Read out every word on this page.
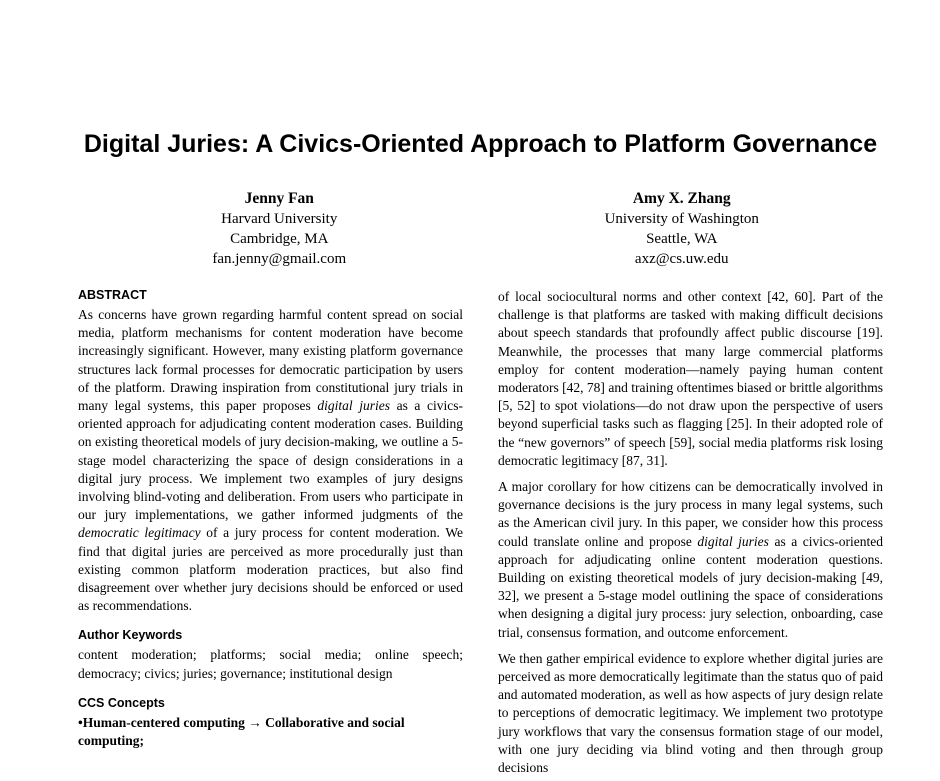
Digital Juries: A Civics-Oriented Approach to Platform Governance
Jenny Fan
Harvard University
Cambridge, MA
fan.jenny@gmail.com
Amy X. Zhang
University of Washington
Seattle, WA
axz@cs.uw.edu
ABSTRACT

As concerns have grown regarding harmful content spread on social media, platform mechanisms for content moderation have become increasingly significant. However, many existing platform governance structures lack formal processes for democratic participation by users of the platform. Drawing inspiration from constitutional jury trials in many legal systems, this paper proposes digital juries as a civics-oriented approach for adjudicating content moderation cases. Building on existing theoretical models of jury decision-making, we outline a 5-stage model characterizing the space of design considerations in a digital jury process. We implement two examples of jury designs involving blind-voting and deliberation. From users who participate in our jury implementations, we gather informed judgments of the democratic legitimacy of a jury process for content moderation. We find that digital juries are perceived as more procedurally just than existing common platform moderation practices, but also find disagreement over whether jury decisions should be enforced or used as recommendations.

Author Keywords

content moderation; platforms; social media; online speech; democracy; civics; juries; governance; institutional design

CCS Concepts

•Human-centered computing → Collaborative and social computing;

of local sociocultural norms and other context [42, 60]. Part of the challenge is that platforms are tasked with making difficult decisions about speech standards that profoundly affect public discourse [19]. Meanwhile, the processes that many large commercial platforms employ for content moderation—namely paying human content moderators [42, 78] and training oftentimes biased or brittle algorithms [5, 52] to spot violations—do not draw upon the perspective of users beyond superficial tasks such as flagging [25]. In their adopted role of the “new governors” of speech [59], social media platforms risk losing democratic legitimacy [87, 31].

A major corollary for how citizens can be democratically involved in governance decisions is the jury process in many legal systems, such as the American civil jury. In this paper, we consider how this process could translate online and propose digital juries as a civics-oriented approach for adjudicating online content moderation questions. Building on existing theoretical models of jury decision-making [49, 32], we present a 5-stage model outlining the space of considerations when designing a digital jury process: jury selection, onboarding, case trial, consensus formation, and outcome enforcement.

We then gather empirical evidence to explore whether digital juries are perceived as more democratically legitimate than the status quo of paid and automated moderation, as well as how aspects of jury design relate to perceptions of democratic legitimacy. We implement two prototype jury workflows that vary the consensus formation stage of our model, with one jury deciding via blind voting and then through group decisions
